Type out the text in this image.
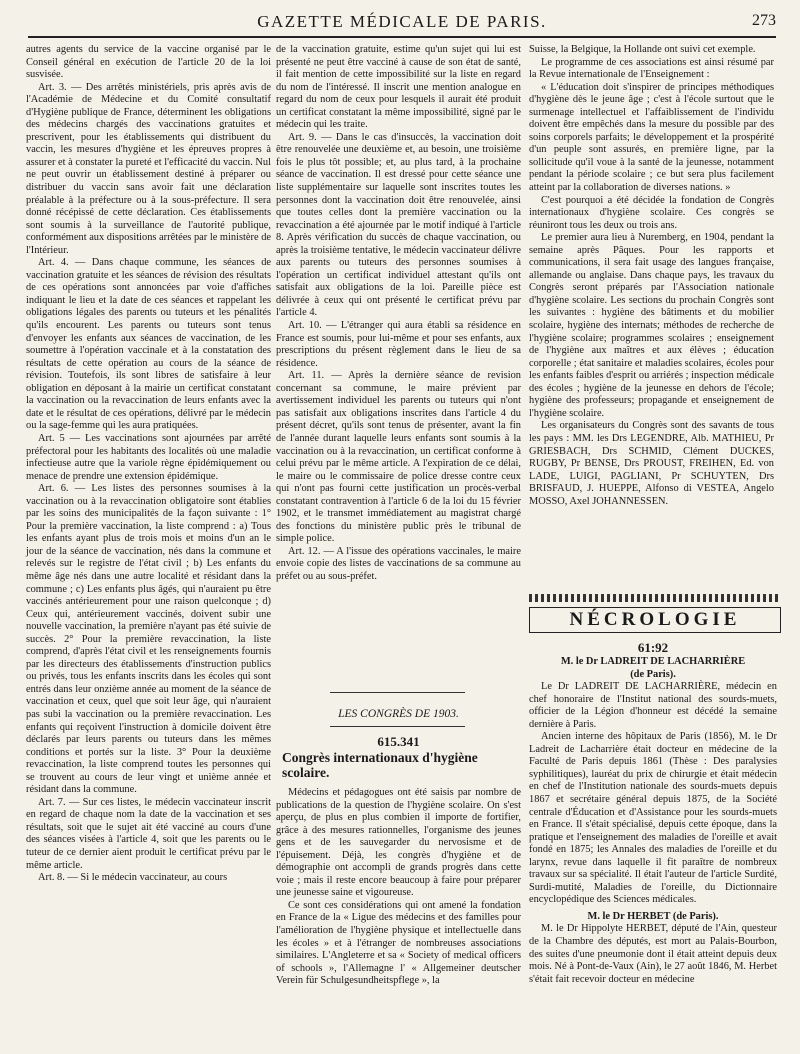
GAZETTE MÉDICALE DE PARIS.	273

autres agents du service de la vaccine organisé par le Conseil général en exécution de l'article 20 de la loi susvisée.

Art. 3. — Des arrêtés ministériels, pris après avis de l'Académie de Médecine et du Comité consultatif d'Hygiène publique de France, déterminent les obligations des médecins chargés des vaccinations gratuites et prescrivent, pour les établissements qui distribuent du vaccin, les mesures d'hygiène et les épreuves propres à assurer et à constater la pureté et l'efficacité du vaccin. Nul ne peut ouvrir un établissement destiné à préparer ou distribuer du vaccin sans avoir fait une déclaration préalable à la préfecture ou à la sous-préfecture. Il sera donné récépissé de cette déclaration. Ces établissements sont soumis à la surveillance de l'autorité publique, conformément aux dispositions arrêtées par le ministère de l'Intérieur.

Art. 4. — Dans chaque commune, les séances de vaccination gratuite et les séances de révision des résultats de ces opérations sont annoncées par voie d'affiches indiquant le lieu et la date de ces séances et rappelant les obligations légales des parents ou tuteurs et les pénalités qu'ils encourent. Les parents ou tuteurs sont tenus d'envoyer les enfants aux séances de vaccination, de les soumettre à l'opération vaccinale et à la constatation des résultats de cette opération au cours de la séance de révision. Toutefois, ils sont libres de satisfaire à leur obligation en déposant à la mairie un certificat constatant la vaccination ou la revaccination de leurs enfants avec la date et le résultat de ces opérations, délivré par le médecin ou la sage-femme qui les aura pratiquées.

Art. 5 — Les vaccinations sont ajournées par arrêté préfectoral pour les habitants des localités où une maladie infectieuse autre que la variole règne épidémiquement ou menace de prendre une extension épidémique.

Art. 6. — Les listes des personnes soumises à la vaccination ou à la revaccination obligatoire sont établies par les soins des municipalités de la façon suivante : 1° Pour la première vaccination, la liste comprend : a) Tous les enfants ayant plus de trois mois et moins d'un an le jour de la séance de vaccination, nés dans la commune et relevés sur le registre de l'état civil ; b) Les enfants du même âge nés dans une autre localité et résidant dans la commune ; c) Les enfants plus âgés, qui n'auraient pu être vaccinés antérieurement pour une raison quelconque ; d) Ceux qui, antérieurement vaccinés, doivent subir une nouvelle vaccination, la première n'ayant pas été suivie de succès. 2° Pour la première revaccination, la liste comprend, d'après l'état civil et les renseignements fournis par les directeurs des établissements d'instruction publics ou privés, tous les enfants inscrits dans les écoles qui sont entrés dans leur onzième année au moment de la séance de vaccination et ceux, quel que soit leur âge, qui n'auraient pas subi la vaccination ou la première revaccination. Les enfants qui reçoivent l'instruction à domicile doivent être déclarés par leurs parents ou tuteurs dans les mêmes conditions et portés sur la liste. 3° Pour la deuxième revaccination, la liste comprend toutes les personnes qui se trouvent au cours de leur vingt et unième année et résidant dans la commune.

Art. 7. — Sur ces listes, le médecin vaccinateur inscrit en regard de chaque nom la date de la vaccination et ses résultats, soit que le sujet ait été vacciné au cours d'une des séances visées à l'article 4, soit que les parents ou le tuteur de ce dernier aient produit le certificat prévu par le même article.

Art. 8. — Si le médecin vaccinateur, au cours

de la vaccination gratuite, estime qu'un sujet qui lui est présenté ne peut être vacciné à cause de son état de santé, il fait mention de cette impossibilité sur la liste en regard du nom de l'intéressé. Il inscrit une mention analogue en regard du nom de ceux pour lesquels il aurait été produit un certificat constatant la même impossibilité, signé par le médecin qui les traite.

Art. 9. — Dans le cas d'insuccès, la vaccination doit être renouvelée une deuxième et, au besoin, une troisième fois le plus tôt possible; et, au plus tard, à la prochaine séance de vaccination. Il est dressé pour cette séance une liste supplémentaire sur laquelle sont inscrites toutes les personnes dont la vaccination doit être renouvelée, ainsi que toutes celles dont la première vaccination ou la revaccination a été ajournée par le motif indiqué à l'article 8. Après vérification du succès de chaque vaccination, ou après la troisième tentative, le médecin vaccinateur délivre aux parents ou tuteurs des personnes soumises à l'opération un certificat individuel attestant qu'ils ont satisfait aux obligations de la loi. Pareille pièce est délivrée à ceux qui ont présenté le certificat prévu par l'article 4.

Art. 10. — L'étranger qui aura établi sa résidence en France est soumis, pour lui-même et pour ses enfants, aux prescriptions du présent règlement dans le lieu de sa résidence.

Art. 11. — Après la dernière séance de revision concernant sa commune, le maire prévient par avertissement individuel les parents ou tuteurs qui n'ont pas satisfait aux obligations inscrites dans l'article 4 du présent décret, qu'ils sont tenus de présenter, avant la fin de l'année durant laquelle leurs enfants sont soumis à la vaccination ou à la revaccination, un certificat conforme à celui prévu par le même article. A l'expiration de ce délai, le maire ou le commissaire de police dresse contre ceux qui n'ont pas fourni cette justification un procès-verbal constatant contravention à l'article 6 de la loi du 15 février 1902, et le transmet immédiatement au magistrat chargé des fonctions du ministère public près le tribunal de simple police.

Art. 12. — A l'issue des opérations vaccinales, le maire envoie copie des listes de vaccinations de sa commune au préfet ou au sous-préfet.

LES CONGRÈS DE 1903.
615.341
Congrès internationaux d'hygiène scolaire.

Médecins et pédagogues ont été saisis par nombre de publications de la question de l'hygiène scolaire. On s'est aperçu, de plus en plus combien il importe de fortifier, grâce à des mesures rationnelles, l'organisme des jeunes gens et de les sauvegarder du nervosisme et de l'épuisement. Déjà, les congrès d'hygiène et de démographie ont accompli de grands progrès dans cette voie ; mais il reste encore beaucoup à faire pour préparer une jeunesse saine et vigoureuse.

Ce sont ces considérations qui ont amené la fondation en France de la « Ligue des médecins et des familles pour l'amélioration de l'hygiène physique et intellectuelle dans les écoles » et à l'étranger de nombreuses associations similaires. L'Angleterre et sa « Society of medical officers of schools », l'Allemagne l' « Allgemeiner deutscher Verein für Schulgesundheitspflege », la

Suisse, la Belgique, la Hollande ont suivi cet exemple.

Le programme de ces associations est ainsi résumé par la Revue internationale de l'Enseignement :

« L'éducation doit s'inspirer de principes méthodiques d'hygiène dès le jeune âge ; c'est à l'école surtout que le surmenage intellectuel et l'affaiblissement de l'individu doivent être empêchés dans la mesure du possible par des soins corporels parfaits; le développement et la prospérité d'un peuple sont assurés, en première ligne, par la sollicitude qu'il voue à la santé de la jeunesse, notamment pendant la période scolaire ; ce but sera plus facilement atteint par la collaboration de diverses nations. »

C'est pourquoi a été décidée la fondation de Congrès internationaux d'hygiène scolaire. Ces congrès se réuniront tous les deux ou trois ans.

Le premier aura lieu à Nuremberg, en 1904, pendant la semaine après Pâques. Pour les rapports et communications, il sera fait usage des langues française, allemande ou anglaise. Dans chaque pays, les travaux du Congrès seront préparés par l'Association nationale d'hygiène scolaire. Les sections du prochain Congrès sont les suivantes : hygiène des bâtiments et du mobilier scolaire, hygiène des internats; méthodes de recherche de l'hygiène scolaire; programmes scolaires ; enseignement de l'hygiène aux maîtres et aux élèves ; éducation corporelle ; état sanitaire et maladies scolaires, écoles pour les enfants faibles d'esprit ou arriérés ; inspection médicale des écoles ; hygiène de la jeunesse en dehors de l'école; hygiène des professeurs; propagande et enseignement de l'hygiène scolaire.

Les organisateurs du Congrès sont des savants de tous les pays : MM. les Drs LEGENDRE, Alb. MATHIEU, Pr GRIESBACH, Drs SCHMID, Clément DUCKES, RUGBY, Pr BENSE, Drs PROUST, FREIHEN, Ed. von LADE, LUIGI, PAGLIANI, Pr SCHUYTEN, Drs BRISFAUD, J. HUEPPE, Alfonso di VESTEA, Angelo MOSSO, Axel JOHANNESSEN.

NÉCROLOGIE

61:92

M. le Dr LADREIT DE LACHARRIÈRE

(de Paris).

Le Dr LADREIT DE LACHARRIÈRE, médecin en chef honoraire de l'Institut national des sourds-muets, officier de la Légion d'honneur est décédé la semaine dernière à Paris.

Ancien interne des hôpitaux de Paris (1856), M. le Dr Ladreit de Lacharrière était docteur en médecine de la Faculté de Paris depuis 1861 (Thèse : Des paralysies syphilitiques), lauréat du prix de chirurgie et était médecin en chef de l'Institution nationale des sourds-muets depuis 1867 et secrétaire général depuis 1875, de la Société centrale d'Éducation et d'Assistance pour les sourds-muets en France. Il s'était spécialisé, depuis cette époque, dans la pratique et l'enseignement des maladies de l'oreille et avait fondé en 1875; les Annales des maladies de l'oreille et du larynx, revue dans laquelle il fit paraître de nombreux travaux sur sa spécialité. Il était l'auteur de l'article Surdité, Surdi-mutité, Maladies de l'oreille, du Dictionnaire encyclopédique des Sciences médicales.

M. le Dr HERBET (de Paris).

M. le Dr Hippolyte HERBET, député de l'Ain, questeur de la Chambre des députés, est mort au Palais-Bourbon, des suites d'une pneumonie dont il était atteint depuis deux mois. Né à Pont-de-Vaux (Ain), le 27 août 1846, M. Herbet s'était fait recevoir docteur en médecine
